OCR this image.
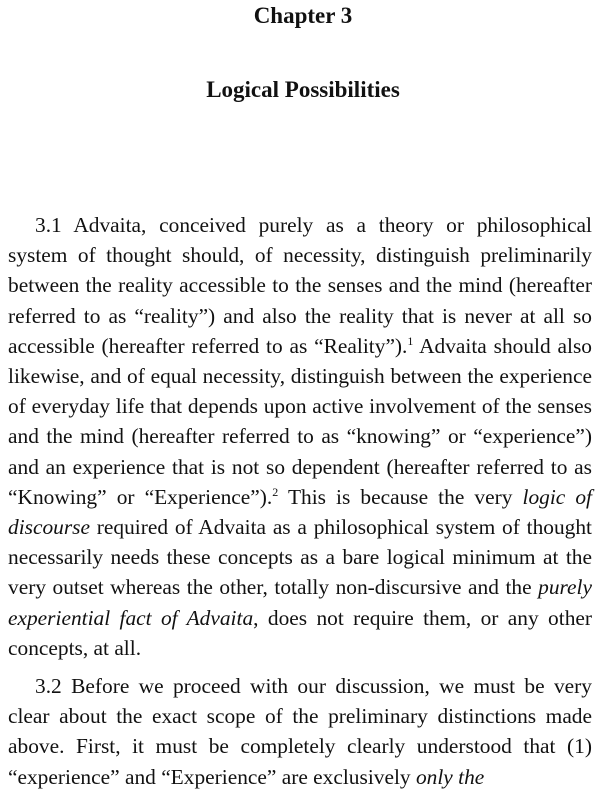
Chapter 3
Logical Possibilities

3.1 Advaita, conceived purely as a theory or philosophical system of thought should, of necessity, distinguish preliminarily between the reality accessible to the senses and the mind (hereafter referred to as “reality”) and also the reality that is never at all so accessible (hereafter referred to as “Reality”).$^1$ Advaita should also likewise, and of equal necessity, distinguish between the experience of everyday life that depends upon active involvement of the senses and the mind (hereafter referred to as “knowing” or “experience”) and an experience that is not so dependent (hereafter referred to as “Knowing” or “Experience”).$^2$ This is because the very logic of discourse required of Advaita as a philosophical system of thought necessarily needs these concepts as a bare logical minimum at the very outset whereas the other, totally non-discursive and the purely experiential fact of Advaita, does not require them, or any other concepts, at all.

3.2 Before we proceed with our discussion, we must be very clear about the exact scope of the preliminary distinctions made above. First, it must be completely clearly understood that (1) “experience” and “Experience” are exclusively only the
